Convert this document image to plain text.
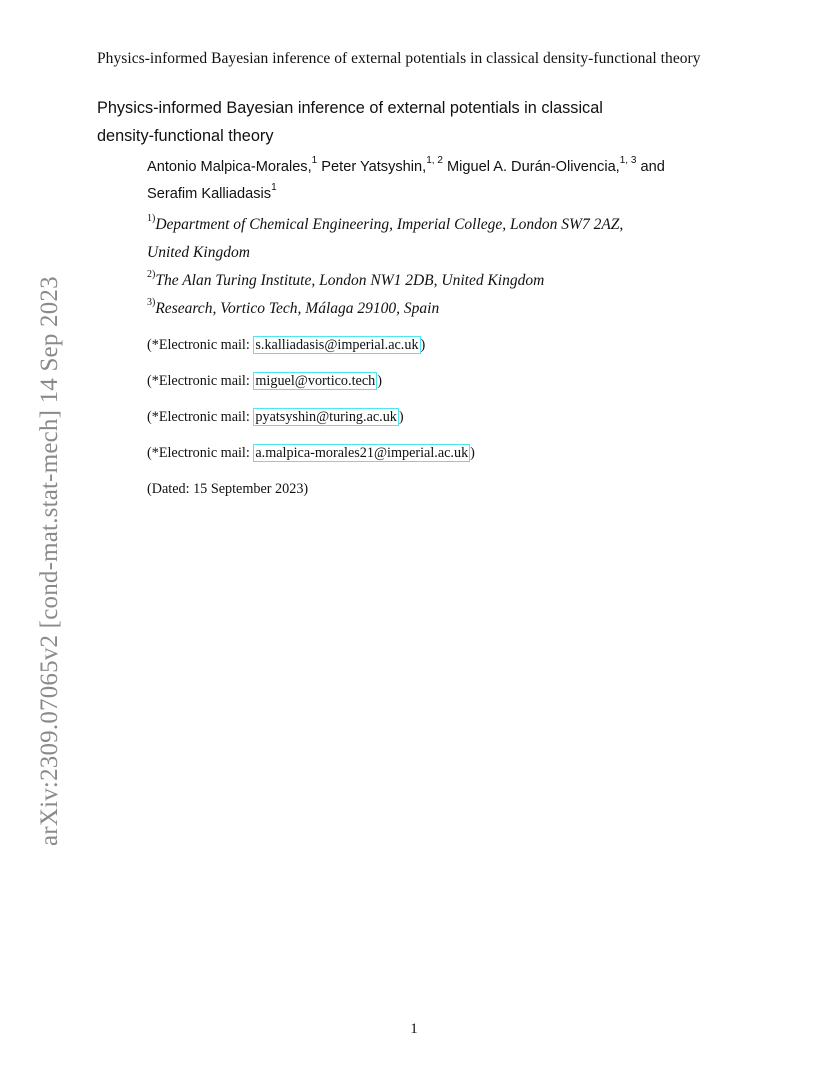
Physics-informed Bayesian inference of external potentials in classical density-functional theory
Physics-informed Bayesian inference of external potentials in classical
density-functional theory
Antonio Malpica-Morales,$^1$ Peter Yatsyshin,$^{1, 2}$ Miguel A. Durán-Olivencia,$^{1, 3}$ and
Serafim Kalliadasis$^1$
$^{1)}$Department of Chemical Engineering, Imperial College, London SW7 2AZ,
United Kingdom
$^{2)}$The Alan Turing Institute, London NW1 2DB, United Kingdom
$^{3)}$Research, Vortico Tech, Málaga 29100, Spain
(*Electronic mail: s.kalliadasis@imperial.ac.uk )
(*Electronic mail: miguel@vortico.tech )
(*Electronic mail: pyatsyshin@turing.ac.uk )
(*Electronic mail: a.malpica-morales21@imperial.ac.uk )
(Dated: 15 September 2023)
arXiv:2309.07065v2 [cond-mat.stat-mech] 14 Sep 2023
1
